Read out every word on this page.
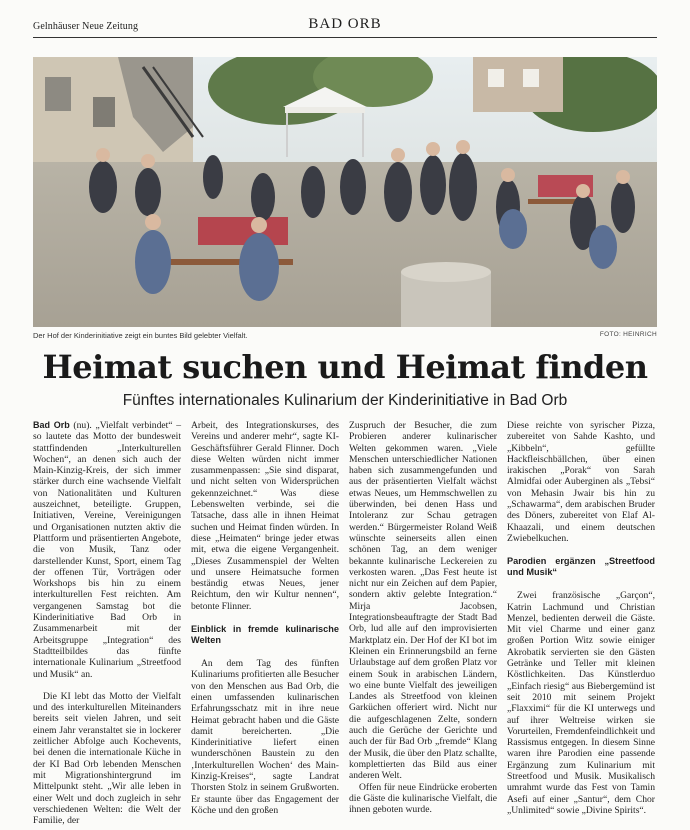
Gelnhäuser Neue Zeitung	BAD ORB
Der Hof der Kinderinitiative zeigt ein buntes Bild gelebter Vielfalt.	FOTO: HEINRICH
Heimat suchen und Heimat finden
Fünftes internationales Kulinarium der Kinderinitiative in Bad Orb

Bad Orb (nu). „Vielfalt verbindet“ – so lautete das Motto der bundesweit stattfindenden „Interkulturellen Wochen“, an denen sich auch der Main-Kinzig-Kreis, der sich immer stärker durch eine wachsende Vielfalt von Nationalitäten und Kulturen auszeichnet, beteiligte. Gruppen, Initiativen, Vereine, Vereinigungen und Organisationen nutzten aktiv die Plattform und präsentierten Angebote, die von Musik, Tanz oder darstellender Kunst, Sport, einem Tag der offenen Tür, Vorträgen oder Workshops bis hin zu einem interkulturellen Fest reichten. Am vergangenen Samstag bot die Kinderinitiative Bad Orb in Zusammenarbeit mit der Arbeitsgruppe „Integration“ des Stadtteilbildes das fünfte internationale Kulinarium „Streetfood und Musik“ an.

Die KI lebt das Motto der Vielfalt und des interkulturellen Miteinanders bereits seit vielen Jahren, und seit einem Jahr veranstaltet sie in lockerer zeitlicher Abfolge auch Kochevents, bei denen die internationale Küche in der KI Bad Orb lebenden Menschen mit Migrationshintergrund im Mittelpunkt steht. „Wir alle leben in einer Welt und doch zugleich in sehr verschiedenen Welten: die Welt der Familie, der

Arbeit, des Integrationskurses, des Vereins und anderer mehr“, sagte KI-Geschäftsführer Gerald Flinner. Doch diese Welten würden nicht immer zusammenpassen: „Sie sind disparat, und nicht selten von Widersprüchen gekennzeichnet.“ Was diese Lebenswelten verbinde, sei die Tatsache, dass alle in ihnen Heimat suchen und Heimat finden würden. In diese „Heimaten“ bringe jeder etwas mit, etwa die eigene Vergangenheit. „Dieses Zusammenspiel der Welten und unsere Heimatsuche formen beständig etwas Neues, jener Reichtum, den wir Kultur nennen“, betonte Flinner.

Einblick in fremde kulinarische Welten

An dem Tag des fünften Kulinariums profitierten alle Besucher von den Menschen aus Bad Orb, die einen umfassenden kulinarischen Erfahrungsschatz mit in ihre neue Heimat gebracht haben und die Gäste damit bereicherten. „Die Kinderinitiative liefert einen wunderschönen Baustein zu den ‚Interkulturellen Wochen‘ des Main-Kinzig-Kreises“, sagte Landrat Thorsten Stolz in seinem Grußworten. Er staunte über das Engagement der Köche und den großen

Zuspruch der Besucher, die zum Probieren anderer kulinarischer Welten gekommen waren. „Viele Menschen unterschiedlicher Nationen haben sich zusammengefunden und aus der präsentierten Vielfalt wächst etwas Neues, um Hemmschwellen zu überwinden, bei denen Hass und Intoleranz zur Schau getragen werden.“ Bürgermeister Roland Weiß wünschte seinerseits allen einen schönen Tag, an dem weniger bekannte kulinarische Leckereien zu verkosten waren. „Das Fest heute ist nicht nur ein Zeichen auf dem Papier, sondern aktiv gelebte Integration.“ Mirja Jacobsen, Integrationsbeauftragte der Stadt Bad Orb, lud alle auf den improvisierten Marktplatz ein. Der Hof der KI bot im Kleinen ein Erinnerungsbild an ferne Urlaubstage auf dem großen Platz vor einem Souk in arabischen Ländern, wo eine bunte Vielfalt des jeweiligen Landes als Streetfood von kleinen Garküchen offeriert wird. Nicht nur die aufgeschlagenen Zelte, sondern auch die Gerüche der Gerichte und auch der für Bad Orb „fremde“ Klang der Musik, die über den Platz schallte, komplettierten das Bild aus einer anderen Welt.

Offen für neue Eindrücke eroberten die Gäste die kulinarische Vielfalt, die ihnen geboten wurde.

Diese reichte von syrischer Pizza, zubereitet von Sahde Kashto, und „Kibbeln“, gefüllte Hackfleischbällchen, über einen irakischen „Porak“ von Sarah Almidfai oder Auberginen als „Tebsi“ von Mehasin Jwair bis hin zu „Schawarma“, dem arabischen Bruder des Döners, zubereitet von Elaf Al-Khaazali, und einem deutschen Zwiebelkuchen.

Parodien ergänzen „Streetfood und Musik“

Zwei französische „Garçon“, Katrin Lachmund und Christian Menzel, bedienten derweil die Gäste. Mit viel Charme und einer ganz großen Portion Witz sowie einiger Akrobatik servierten sie den Gästen Getränke und Teller mit kleinen Köstlichkeiten. Das Künstlerduo „Einfach riesig“ aus Biebergemünd ist seit 2010 mit seinem Projekt „Flaxximi“ für die KI unterwegs und auf ihrer Weltreise wirken sie Vorurteilen, Fremdenfeindlichkeit und Rassismus entgegen. In diesem Sinne waren ihre Parodien eine passende Ergänzung zum Kulinarium mit Streetfood und Musik. Musikalisch umrahmt wurde das Fest von Tamin Asefi auf einer „Santur“, dem Chor „Unlimited“ sowie „Divine Spirits“.
